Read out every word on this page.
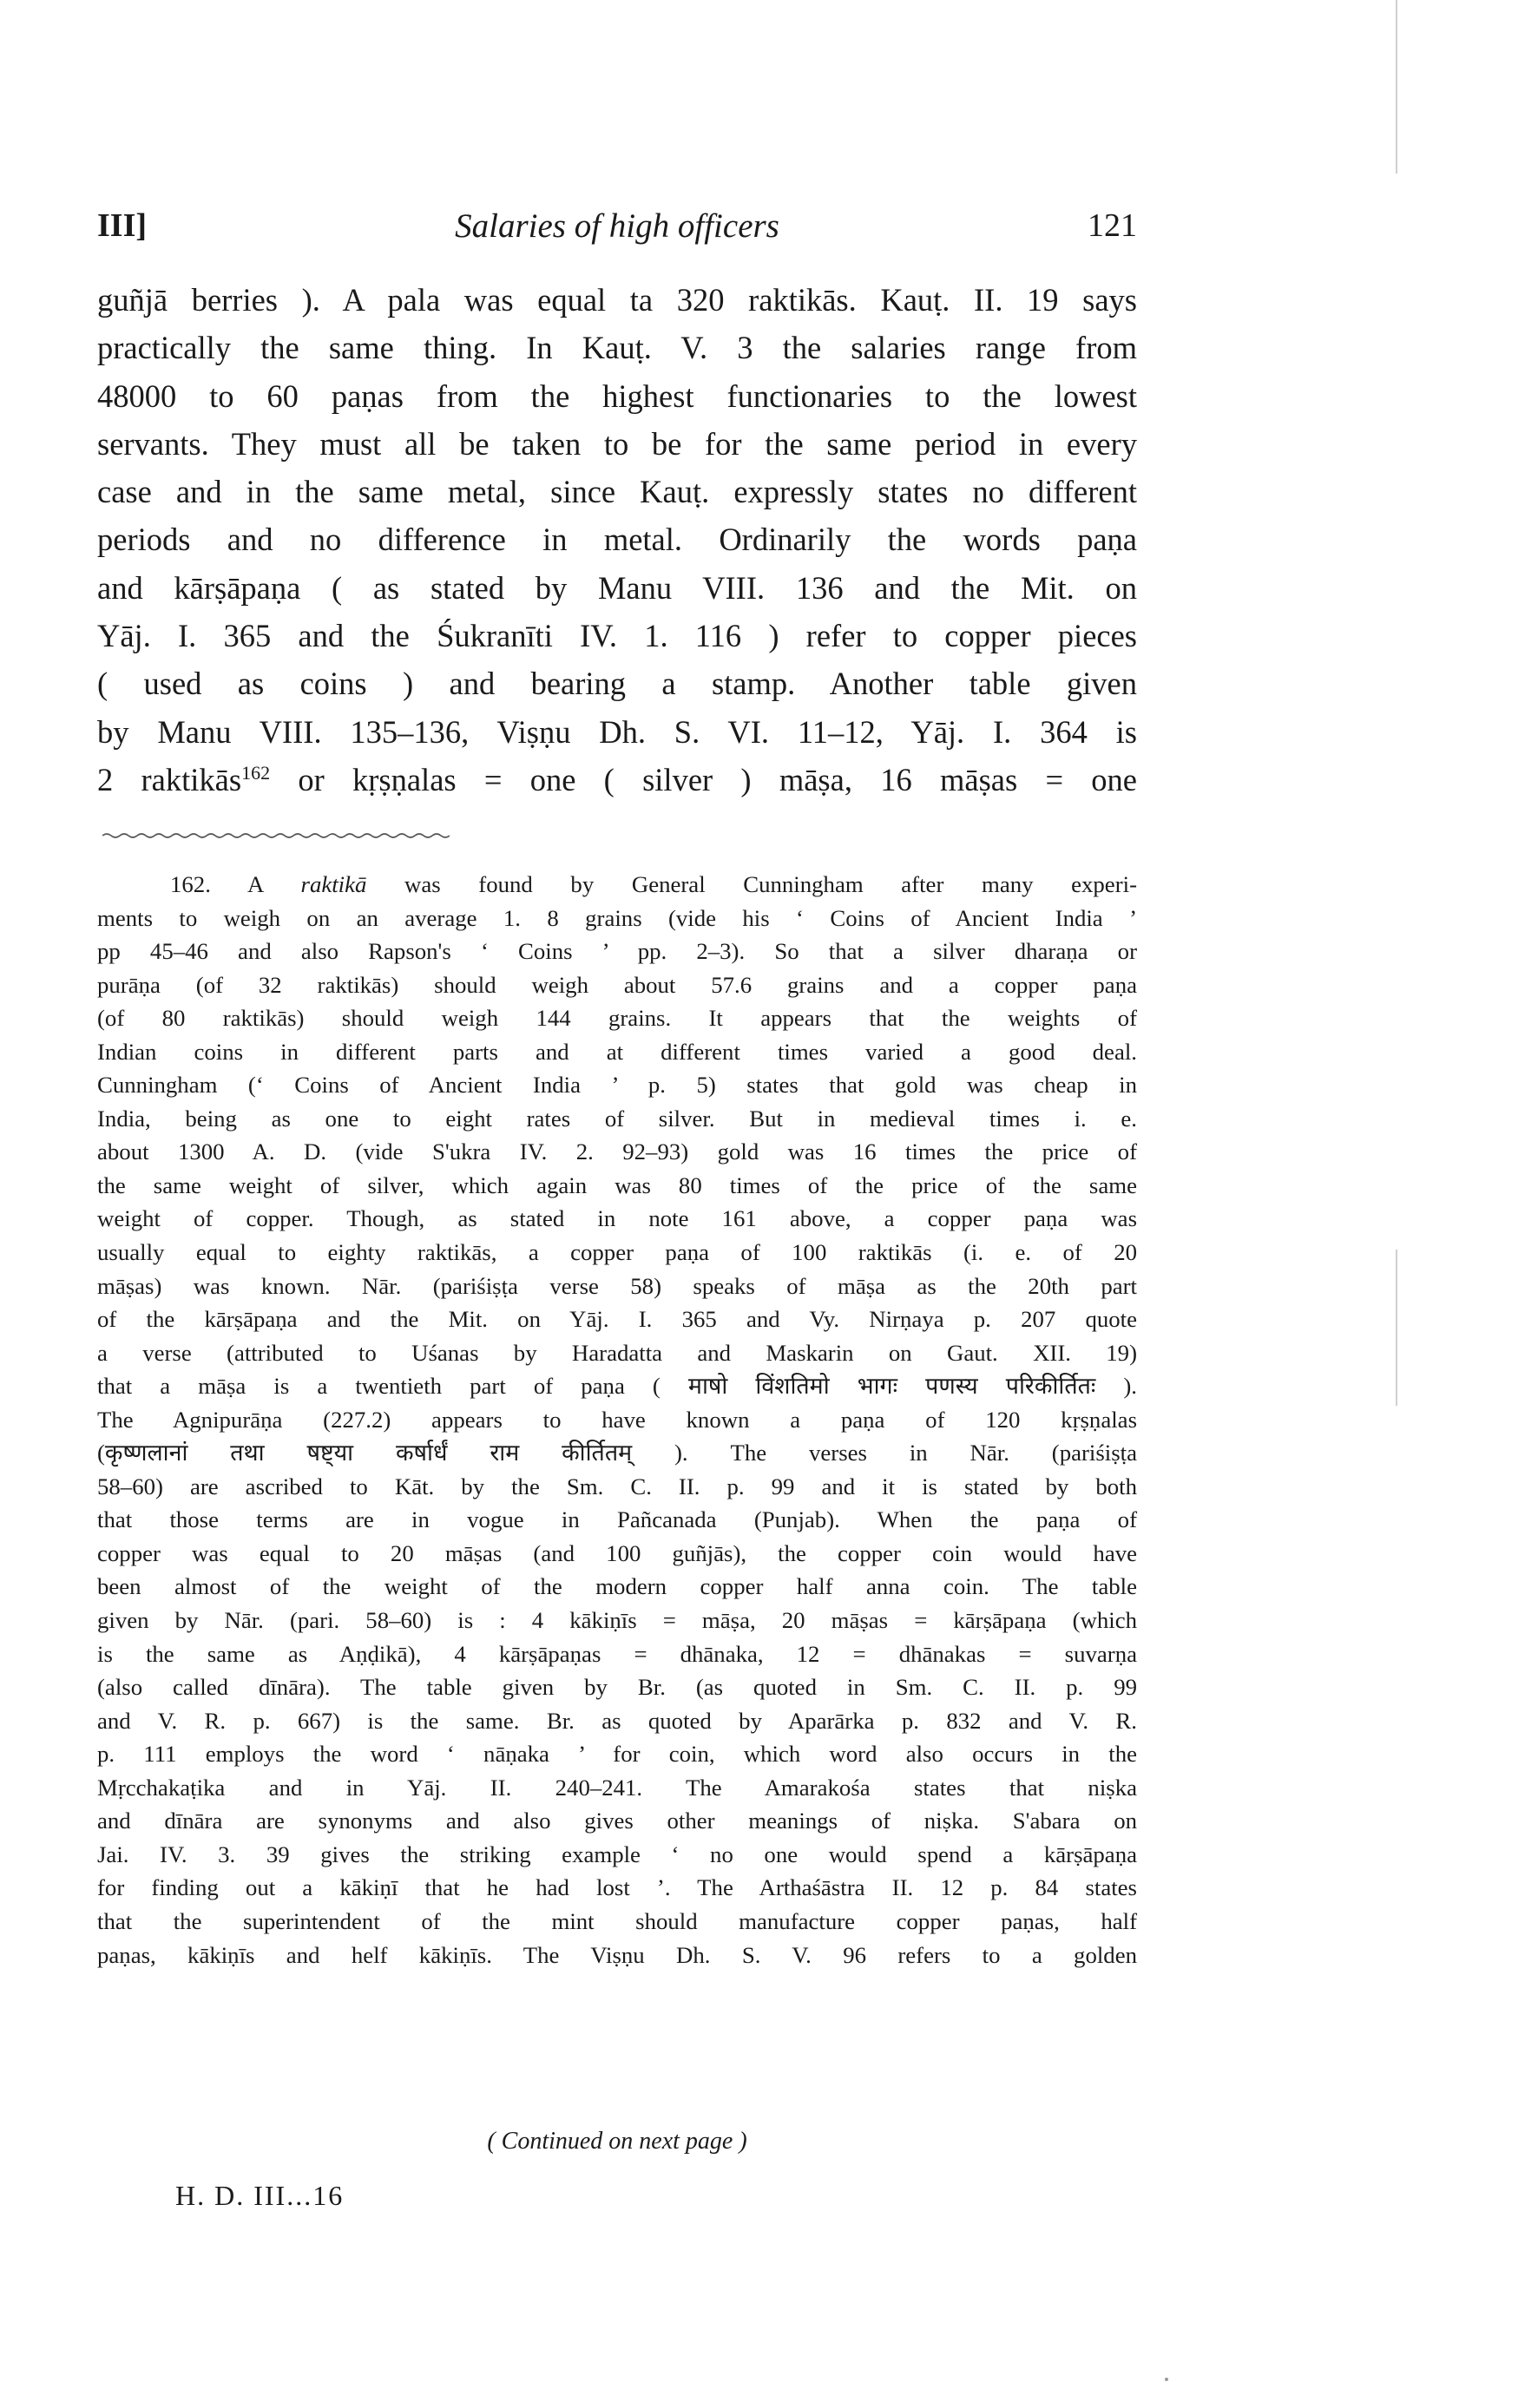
III]	Salaries of high officers	121
guñjā berries ). A pala was equal ta 320 raktikās. Kauṭ. II. 19 says
practically the same thing. In Kauṭ. V. 3 the salaries range from
48000 to 60 paṇas from the highest functionaries to the lowest
servants. They must all be taken to be for the same period in every
case and in the same metal, since Kauṭ. expressly states no different
periods and no difference in metal. Ordinarily the words paṇa
and kārṣāpaṇa ( as stated by Manu VIII. 136 and the Mit. on
Yāj. I. 365 and the Śukranīti IV. 1. 116 ) refer to copper pieces
( used as coins ) and bearing a stamp. Another table given
by Manu VIII. 135–136, Viṣṇu Dh. S. VI. 11–12, Yāj. I. 364 is
2 raktikās$^{162}$ or kṛṣṇalas = one ( silver ) māṣa, 16 māṣas = one
162. A raktikā was found by General Cunningham after many experi-
ments to weigh on an average 1. 8 grains (vide his ‘ Coins of Ancient India ’
pp 45–46 and also Rapson's ‘ Coins ’ pp. 2–3). So that a silver dharaṇa or
purāṇa (of 32 raktikās) should weigh about 57.6 grains and a copper paṇa
(of 80 raktikās) should weigh 144 grains. It appears that the weights of
Indian coins in different parts and at different times varied a good deal.
Cunningham (‘ Coins of Ancient India ’ p. 5) states that gold was cheap in
India, being as one to eight rates of silver. But in medieval times i. e.
about 1300 A. D. (vide S'ukra IV. 2. 92–93) gold was 16 times the price of
the same weight of silver, which again was 80 times of the price of the same
weight of copper. Though, as stated in note 161 above, a copper paṇa was
usually equal to eighty raktikās, a copper paṇa of 100 raktikās (i. e. of 20
māṣas) was known. Nār. (pariśiṣṭa verse 58) speaks of māṣa as the 20th part
of the kārṣāpaṇa and the Mit. on Yāj. I. 365 and Vy. Nirṇaya p. 207 quote
a verse (attributed to Uśanas by Haradatta and Maskarin on Gaut. XII. 19)
that a māṣa is a twentieth part of paṇa ( माषो विंशतिमो भागः पणस्य परिकीर्तितः ).
The Agnipurāṇa (227.2) appears to have known a paṇa of 120 kṛṣṇalas
(कृष्णलानां तथा षष्ट्या कर्षार्धं राम कीर्तितम् ). The verses in Nār. (pariśiṣṭa
58–60) are ascribed to Kāt. by the Sm. C. II. p. 99 and it is stated by both
that those terms are in vogue in Pañcanada (Punjab). When the paṇa of
copper was equal to 20 māṣas (and 100 guñjās), the copper coin would have
been almost of the weight of the modern copper half anna coin. The table
given by Nār. (pari. 58–60) is : 4 kākiṇīs = māṣa, 20 māṣas = kārṣāpaṇa (which
is the same as Aṇḍikā), 4 kārṣāpaṇas = dhānaka, 12 = dhānakas = suvarṇa
(also called dīnāra). The table given by Br. (as quoted in Sm. C. II. p. 99
and V. R. p. 667) is the same. Br. as quoted by Aparārka p. 832 and V. R.
p. 111 employs the word ‘ nāṇaka ’ for coin, which word also occurs in the
Mṛcchakaṭika and in Yāj. II. 240–241. The Amarakośa states that niṣka
and dīnāra are synonyms and also gives other meanings of niṣka. S'abara on
Jai. IV. 3. 39 gives the striking example ‘ no one would spend a kārṣāpaṇa
for finding out a kākiṇī that he had lost ’. The Arthaśāstra II. 12 p. 84 states
that the superintendent of the mint should manufacture copper paṇas, half
paṇas, kākiṇīs and helf kākiṇīs. The Viṣṇu Dh. S. V. 96 refers to a golden
( Continued on next page )
H. D. III...16
